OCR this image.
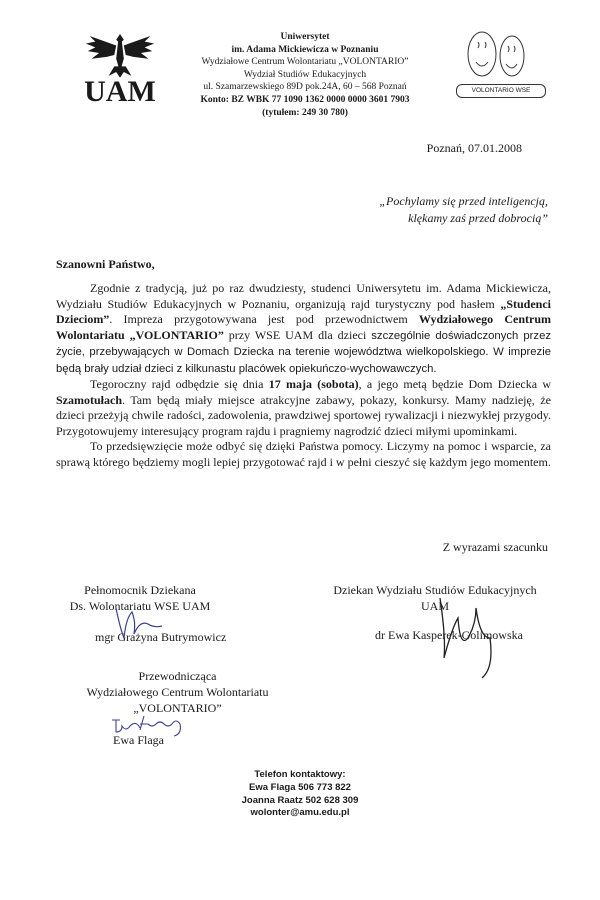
UAM
Uniwersytet
im. Adama Mickiewicza w Poznaniu
Wydziałowe Centrum Wolontariatu „VOLONTARIO”
Wydział Studiów Edukacyjnych
ul. Szamarzewskiego 89D pok.24A, 60 – 568 Poznań
Konto: BZ WBK 77 1090 1362 0000 0000 3601 7903
(tytułem: 249 30 780)
VOLONTARIO WSE
Poznań, 07.01.2008
„Pochylamy się przed inteligencją,
klękamy zaś przed dobrocią”
Szanowni Państwo,

Zgodnie z tradycją, już po raz dwudziesty, studenci Uniwersytetu im. Adama Mickiewicza, Wydziału Studiów Edukacyjnych w Poznaniu, organizują rajd turystyczny pod hasłem „Studenci Dzieciom”. Impreza przygotowywana jest pod przewodnictwem Wydziałowego Centrum Wolontariatu „VOLONTARIO” przy WSE UAM dla dzieci szczególnie doświadczonych przez życie, przebywających w Domach Dziecka na terenie województwa wielkopolskiego. W imprezie będą brały udział dzieci z kilkunastu placówek opiekuńczo-wychowawczych.

Tegoroczny rajd odbędzie się dnia 17 maja (sobota), a jego metą będzie Dom Dziecka w Szamotułach. Tam będą miały miejsce atrakcyjne zabawy, pokazy, konkursy. Mamy nadzieję, że dzieci przeżyją chwile radości, zadowolenia, prawdziwej sportowej rywalizacji i niezwykłej przygody. Przygotowujemy interesujący program rajdu i pragniemy nagrodzić dzieci miłymi upominkami.

To przedsięwzięcie może odbyć się dzięki Państwa pomocy. Liczymy na pomoc i wsparcie, za sprawą którego będziemy mogli lepiej przygotować rajd i w pełni cieszyć się każdym jego momentem.

Z wyrazami szacunku
Pełnomocnik Dziekana
Ds. Wolontariatu WSE UAM
mgr Grażyna Butrymowicz
Dziekan Wydziału Studiów Edukacyjnych
UAM
dr Ewa Kasperek-Golimowska
Przewodnicząca
Wydziałowego Centrum Wolontariatu
„VOLONTARIO”
Ewa Flaga
Telefon kontaktowy:
Ewa Flaga 506 773 822
Joanna Raatz 502 628 309
wolonter@amu.edu.pl
